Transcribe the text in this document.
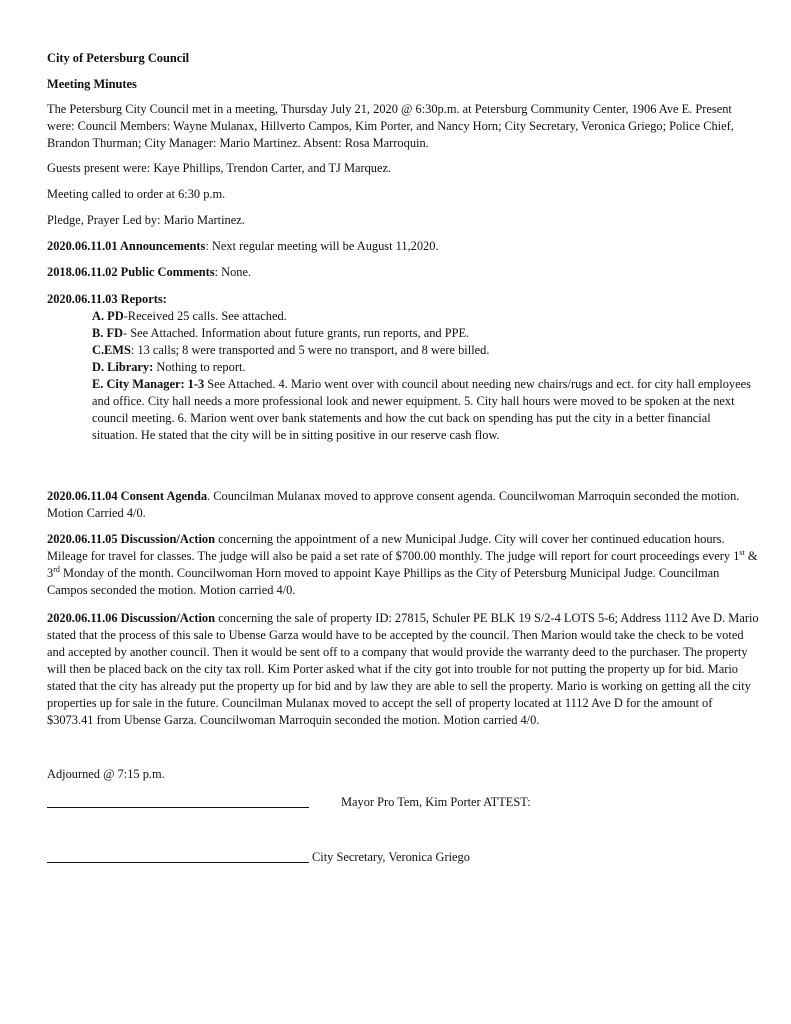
City of Petersburg Council

Meeting Minutes

The Petersburg City Council met in a meeting, Thursday July 21, 2020 @ 6:30p.m. at Petersburg Community Center, 1906 Ave E. Present were: Council Members: Wayne Mulanax, Hillverto Campos, Kim Porter, and Nancy Horn; City Secretary, Veronica Griego; Police Chief, Brandon Thurman; City Manager: Mario Martinez. Absent: Rosa Marroquin.

Guests present were: Kaye Phillips, Trendon Carter, and TJ Marquez.

Meeting called to order at 6:30 p.m.

Pledge, Prayer Led by: Mario Martinez.

2020.06.11.01 Announcements: Next regular meeting will be August 11,2020.

2018.06.11.02 Public Comments: None.

2020.06.11.03 Reports:

A. PD-Received 25 calls. See attached.

B. FD- See Attached. Information about future grants, run reports, and PPE.

C.EMS: 13 calls; 8 were transported and 5 were no transport, and 8 were billed.

D. Library: Nothing to report.

E. City Manager: 1-3 See Attached. 4. Mario went over with council about needing new chairs/rugs and ect. for city hall employees and office. City hall needs a more professional look and newer equipment. 5. City hall hours were moved to be spoken at the next council meeting. 6. Marion went over bank statements and how the cut back on spending has put the city in a better financial situation. He stated that the city will be in sitting positive in our reserve cash flow.

2020.06.11.04 Consent Agenda. Councilman Mulanax moved to approve consent agenda. Councilwoman Marroquin seconded the motion. Motion Carried 4/0.

2020.06.11.05 Discussion/Action concerning the appointment of a new Municipal Judge. City will cover her continued education hours. Mileage for travel for classes. The judge will also be paid a set rate of $700.00 monthly. The judge will report for court proceedings every 1st & 3rd Monday of the month. Councilwoman Horn moved to appoint Kaye Phillips as the City of Petersburg Municipal Judge. Councilman Campos seconded the motion. Motion carried 4/0.

2020.06.11.06 Discussion/Action concerning the sale of property ID: 27815, Schuler PE BLK 19 S/2-4 LOTS 5-6; Address 1112 Ave D. Mario stated that the process of this sale to Ubense Garza would have to be accepted by the council. Then Marion would take the check to be voted and accepted by another council. Then it would be sent off to a company that would provide the warranty deed to the purchaser. The property will then be placed back on the city tax roll. Kim Porter asked what if the city got into trouble for not putting the property up for bid. Mario stated that the city has already put the property up for bid and by law they are able to sell the property. Mario is working on getting all the city properties up for sale in the future. Councilman Mulanax moved to accept the sell of property located at 1112 Ave D for the amount of $3073.41 from Ubense Garza. Councilwoman Marroquin seconded the motion. Motion carried 4/0.

Adjourned @ 7:15 p.m.

Mayor Pro Tem, Kim Porter ATTEST:
City Secretary, Veronica Griego
